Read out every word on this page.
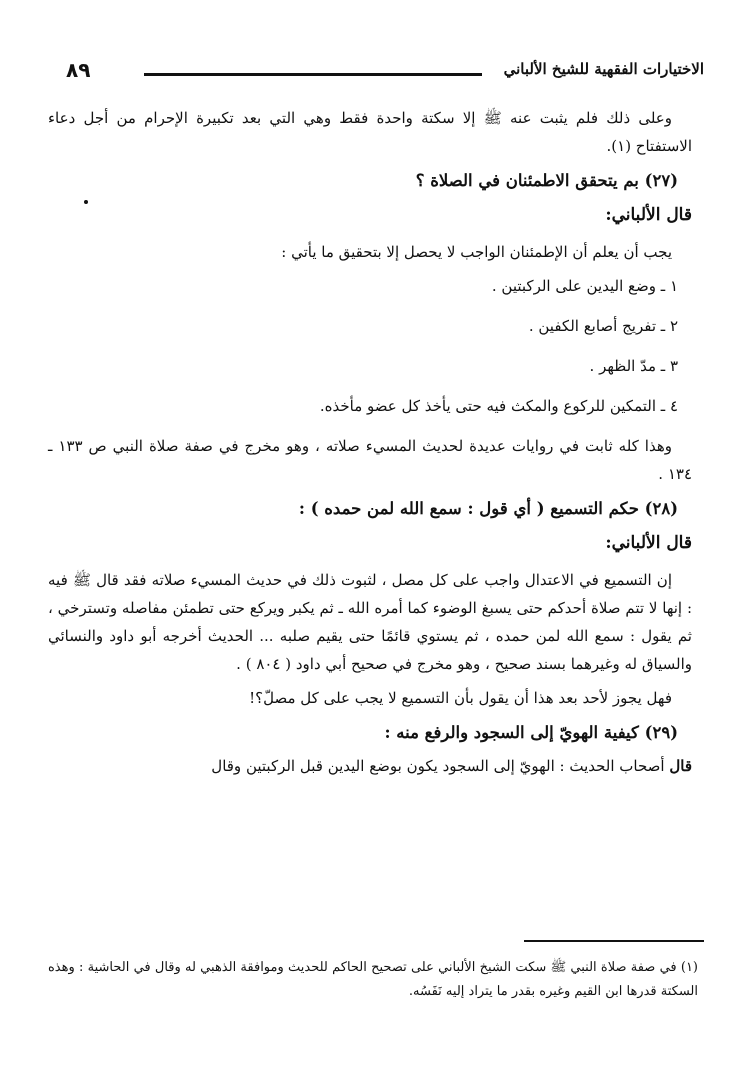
الاختيارات الفقهية للشيخ الألباني
٨٩

وعلى ذلك فلم يثبت عنه ﷺ إلا سكتة واحدة فقط وهي التي بعد تكبيرة الإحرام من أجل دعاء الاستفتاح (١).

(٢٧) بم يتحقق الاطمئنان في الصلاة ؟
قال الألباني:

يجب أن يعلم أن الإطمئنان الواجب لا يحصل إلا بتحقيق ما يأتي :

١ ـ وضع اليدين على الركبتين .
٢ ـ تفريج أصابع الكفين .
٣ ـ مدّ الظهر .
٤ ـ التمكين للركوع والمكث فيه حتى يأخذ كل عضو مأخذه.

وهذا كله ثابت في روايات عديدة لحديث المسيء صلاته ، وهو مخرج في صفة صلاة النبي ص ١٣٣ ـ ١٣٤ .

(٢٨) حكم التسميع ( أي قول : سمع الله لمن حمده ) :
قال الألباني:

إن التسميع في الاعتدال واجب على كل مصل ، لثبوت ذلك في حديث المسيء صلاته فقد قال ﷺ فيه : إنها لا تتم صلاة أحدكم حتى يسبغ الوضوء كما أمره الله ـ ثم يكبر ويركع حتى تطمئن مفاصله وتسترخي ، ثم يقول : سمع الله لمن حمده ، ثم يستوي قائمًا حتى يقيم صلبه ... الحديث أخرجه أبو داود والنسائي والسياق له وغيرهما بسند صحيح ، وهو مخرج في صحيح أبي داود ( ٨٠٤ ) .

فهل يجوز لأحد بعد هذا أن يقول بأن التسميع لا يجب على كل مصلّ؟!

(٢٩) كيفية الهويّ إلى السجود والرفع منه :

قال أصحاب الحديث : الهويّ إلى السجود يكون بوضع اليدين قبل الركبتين وقال

(١) في صفة صلاة النبي ﷺ سكت الشيخ الألباني على تصحيح الحاكم للحديث وموافقة الذهبي له وقال في الحاشية : وهذه السكتة قدرها ابن القيم وغيره بقدر ما يتراد إليه نَفَسُه.
